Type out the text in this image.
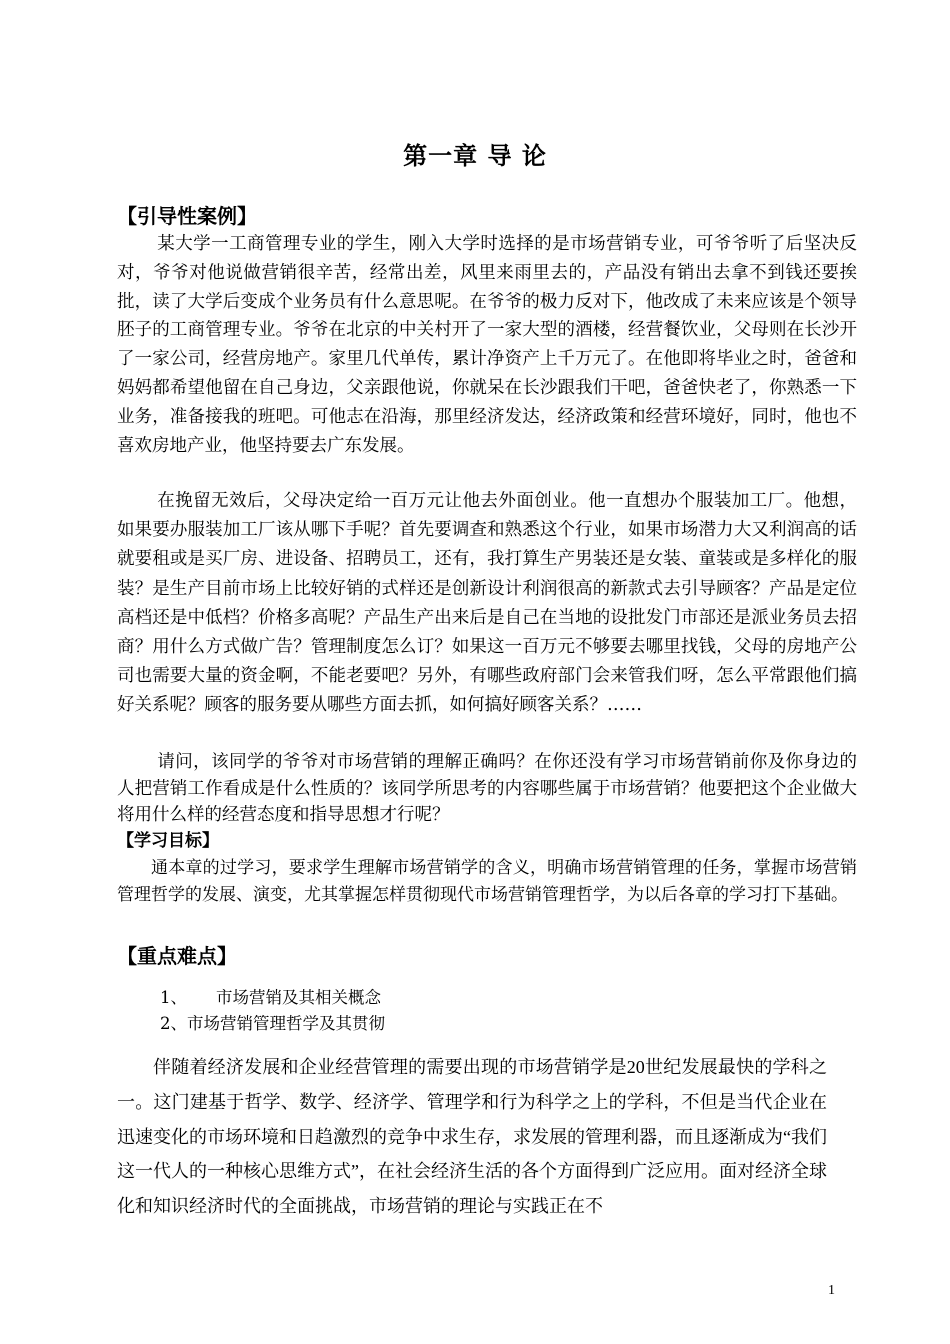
第一章 导 论
【引导性案例】

某大学一工商管理专业的学生，刚入大学时选择的是市场营销专业，可爷爷听了后坚决反对，爷爷对他说做营销很辛苦，经常出差，风里来雨里去的，产品没有销出去拿不到钱还要挨批，读了大学后变成个业务员有什么意思呢。在爷爷的极力反对下，他改成了未来应该是个领导胚子的工商管理专业。爷爷在北京的中关村开了一家大型的酒楼，经营餐饮业，父母则在长沙开了一家公司，经营房地产。家里几代单传，累计净资产上千万元了。在他即将毕业之时，爸爸和妈妈都希望他留在自己身边，父亲跟他说，你就呆在长沙跟我们干吧，爸爸快老了，你熟悉一下业务，准备接我的班吧。可他志在沿海，那里经济发达，经济政策和经营环境好，同时，他也不喜欢房地产业，他坚持要去广东发展。

在挽留无效后，父母决定给一百万元让他去外面创业。他一直想办个服装加工厂。他想，如果要办服装加工厂该从哪下手呢？首先要调查和熟悉这个行业，如果市场潜力大又利润高的话就要租或是买厂房、进设备、招聘员工，还有，我打算生产男装还是女装、童装或是多样化的服装？是生产目前市场上比较好销的式样还是创新设计利润很高的新款式去引导顾客？产品是定位高档还是中低档？价格多高呢？产品生产出来后是自己在当地的设批发门市部还是派业务员去招商？用什么方式做广告？管理制度怎么订？如果这一百万元不够要去哪里找钱，父母的房地产公司也需要大量的资金啊，不能老要吧？另外，有哪些政府部门会来管我们呀，怎么平常跟他们搞好关系呢？顾客的服务要从哪些方面去抓，如何搞好顾客关系？……

请问，该同学的爷爷对市场营销的理解正确吗？在你还没有学习市场营销前你及你身边的人把营销工作看成是什么性质的？该同学所思考的内容哪些属于市场营销？他要把这个企业做大将用什么样的经营态度和指导思想才行呢？

【学习目标】

通本章的过学习，要求学生理解市场营销学的含义，明确市场营销管理的任务，掌握市场营销管理哲学的发展、演变，尤其掌握怎样贯彻现代市场营销管理哲学，为以后各章的学习打下基础。

【重点难点】
1、 市场营销及其相关概念
2、市场营销管理哲学及其贯彻

伴随着经济发展和企业经营管理的需要出现的市场营销学是20世纪发展最快的学科之一。这门建基于哲学、数学、经济学、管理学和行为科学之上的学科，不但是当代企业在迅速变化的市场环境和日趋激烈的竞争中求生存，求发展的管理利器，而且逐渐成为“我们这一代人的一种核心思维方式”，在社会经济生活的各个方面得到广泛应用。面对经济全球化和知识经济时代的全面挑战，市场营销的理论与实践正在不

1
